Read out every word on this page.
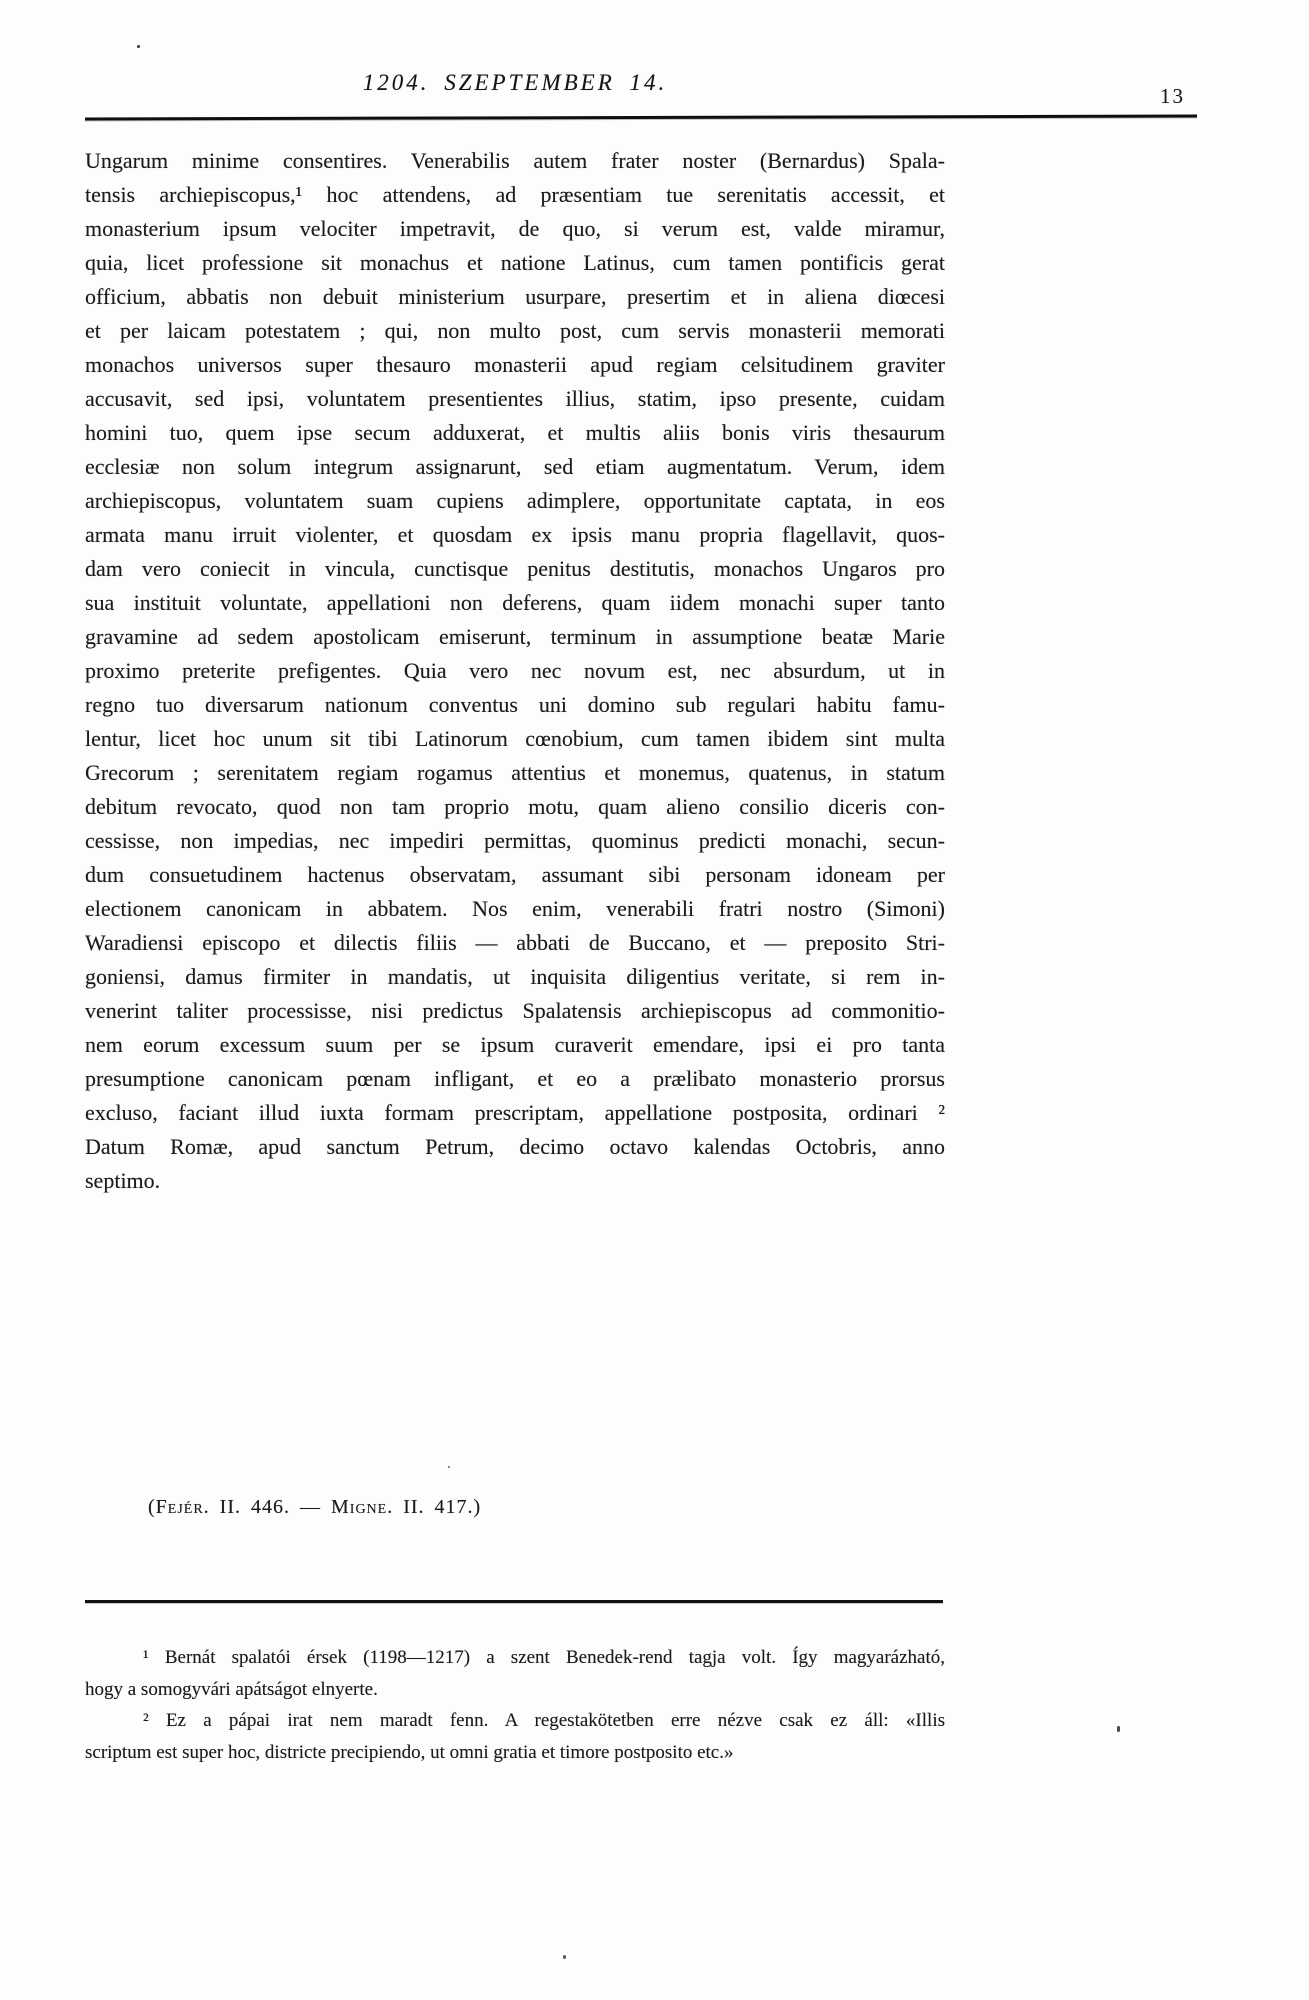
1204. SZEPTEMBER 14.
13
Ungarum minime consentires. Venerabilis autem frater noster (Bernardus) Spala-
tensis archiepiscopus,¹ hoc attendens, ad præsentiam tue serenitatis accessit, et
monasterium ipsum velociter impetravit, de quo, si verum est, valde miramur,
quia, licet professione sit monachus et natione Latinus, cum tamen pontificis gerat
officium, abbatis non debuit ministerium usurpare, presertim et in aliena diœcesi
et per laicam potestatem ; qui, non multo post, cum servis monasterii memorati
monachos universos super thesauro monasterii apud regiam celsitudinem graviter
accusavit, sed ipsi, voluntatem presentientes illius, statim, ipso presente, cuidam
homini tuo, quem ipse secum adduxerat, et multis aliis bonis viris thesaurum
ecclesiæ non solum integrum assignarunt, sed etiam augmentatum. Verum, idem
archiepiscopus, voluntatem suam cupiens adimplere, opportunitate captata, in eos
armata manu irruit violenter, et quosdam ex ipsis manu propria flagellavit, quos-
dam vero coniecit in vincula, cunctisque penitus destitutis, monachos Ungaros pro
sua instituit voluntate, appellationi non deferens, quam iidem monachi super tanto
gravamine ad sedem apostolicam emiserunt, terminum in assumptione beatæ Marie
proximo preterite prefigentes. Quia vero nec novum est, nec absurdum, ut in
regno tuo diversarum nationum conventus uni domino sub regulari habitu famu-
lentur, licet hoc unum sit tibi Latinorum cœnobium, cum tamen ibidem sint multa
Grecorum ; serenitatem regiam rogamus attentius et monemus, quatenus, in statum
debitum revocato, quod non tam proprio motu, quam alieno consilio diceris con-
cessisse, non impedias, nec impediri permittas, quominus predicti monachi, secun-
dum consuetudinem hactenus observatam, assumant sibi personam idoneam per
electionem canonicam in abbatem. Nos enim, venerabili fratri nostro (Simoni)
Waradiensi episcopo et dilectis filiis — abbati de Buccano, et — preposito Stri-
goniensi, damus firmiter in mandatis, ut inquisita diligentius veritate, si rem in-
venerint taliter processisse, nisi predictus Spalatensis archiepiscopus ad commonitio-
nem eorum excessum suum per se ipsum curaverit emendare, ipsi ei pro tanta
presumptione canonicam pœnam infligant, et eo a prælibato monasterio prorsus
excluso, faciant illud iuxta formam prescriptam, appellatione postposita, ordinari ²
Datum Romæ, apud sanctum Petrum, decimo octavo kalendas Octobris, anno
septimo.
(Fejér. II. 446. — Migne. II. 417.)
¹ Bernát spalatói érsek (1198—1217) a szent Benedek-rend tagja volt. Így magyarázható,
hogy a somogyvári apátságot elnyerte.
² Ez a pápai irat nem maradt fenn. A regestakötetben erre nézve csak ez áll: «Illis
scriptum est super hoc, districte precipiendo, ut omni gratia et timore postposito etc.»
